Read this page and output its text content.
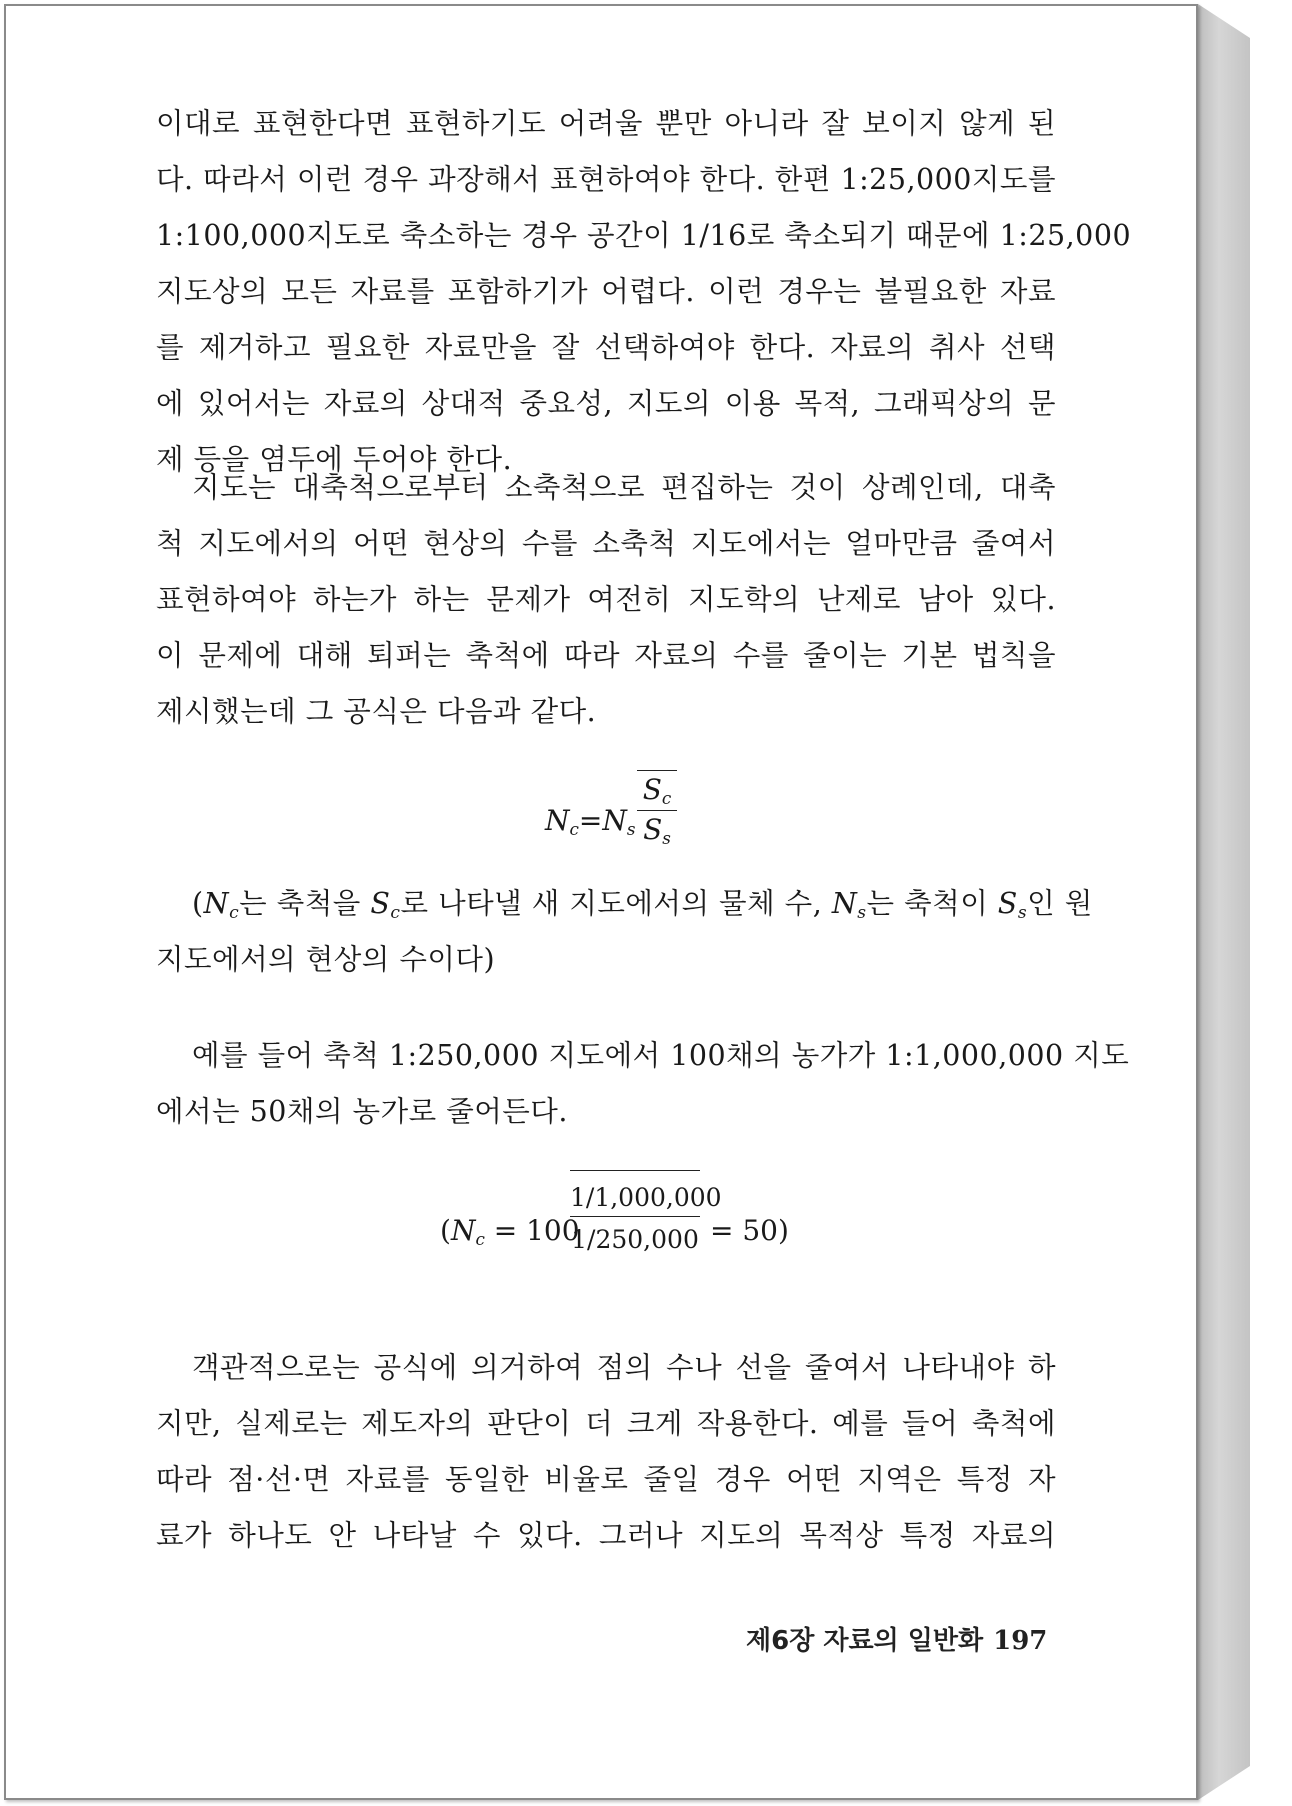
이대로 표현한다면 표현하기도 어려울 뿐만 아니라 잘 보이지 않게 된
다. 따라서 이런 경우 과장해서 표현하여야 한다. 한편 1:25,000지도를
1:100,000지도로 축소하는 경우 공간이 1/16로 축소되기 때문에 1:25,000
지도상의 모든 자료를 포함하기가 어렵다. 이런 경우는 불필요한 자료
를 제거하고 필요한 자료만을 잘 선택하여야 한다. 자료의 취사 선택
에 있어서는 자료의 상대적 중요성, 지도의 이용 목적, 그래픽상의 문
제 등을 염두에 두어야 한다.
지도는 대축척으로부터 소축척으로 편집하는 것이 상례인데, 대축
척 지도에서의 어떤 현상의 수를 소축척 지도에서는 얼마만큼 줄여서
표현하여야 하는가 하는 문제가 여전히 지도학의 난제로 남아 있다.
이 문제에 대해 퇴퍼는 축척에 따라 자료의 수를 줄이는 기본 법칙을
제시했는데 그 공식은 다음과 같다.
$N_c=N_s$
$S_c$
$S_s$
($N_c$는 축척을 $S_c$로 나타낼 새 지도에서의 물체 수, $N_s$는 축척이 $S_s$인 원
지도에서의 현상의 수이다)
예를 들어 축척 1:250,000 지도에서 100채의 농가가 1:1,000,000 지도
에서는 50채의 농가로 줄어든다.
($N_c = 100$
1/1,000,000
1/250,000 = 50)
객관적으로는 공식에 의거하여 점의 수나 선을 줄여서 나타내야 하
지만, 실제로는 제도자의 판단이 더 크게 작용한다. 예를 들어 축척에
따라 점·선·면 자료를 동일한 비율로 줄일 경우 어떤 지역은 특정 자
료가 하나도 안 나타날 수 있다. 그러나 지도의 목적상 특정 자료의
제6장 자료의 일반화 197
